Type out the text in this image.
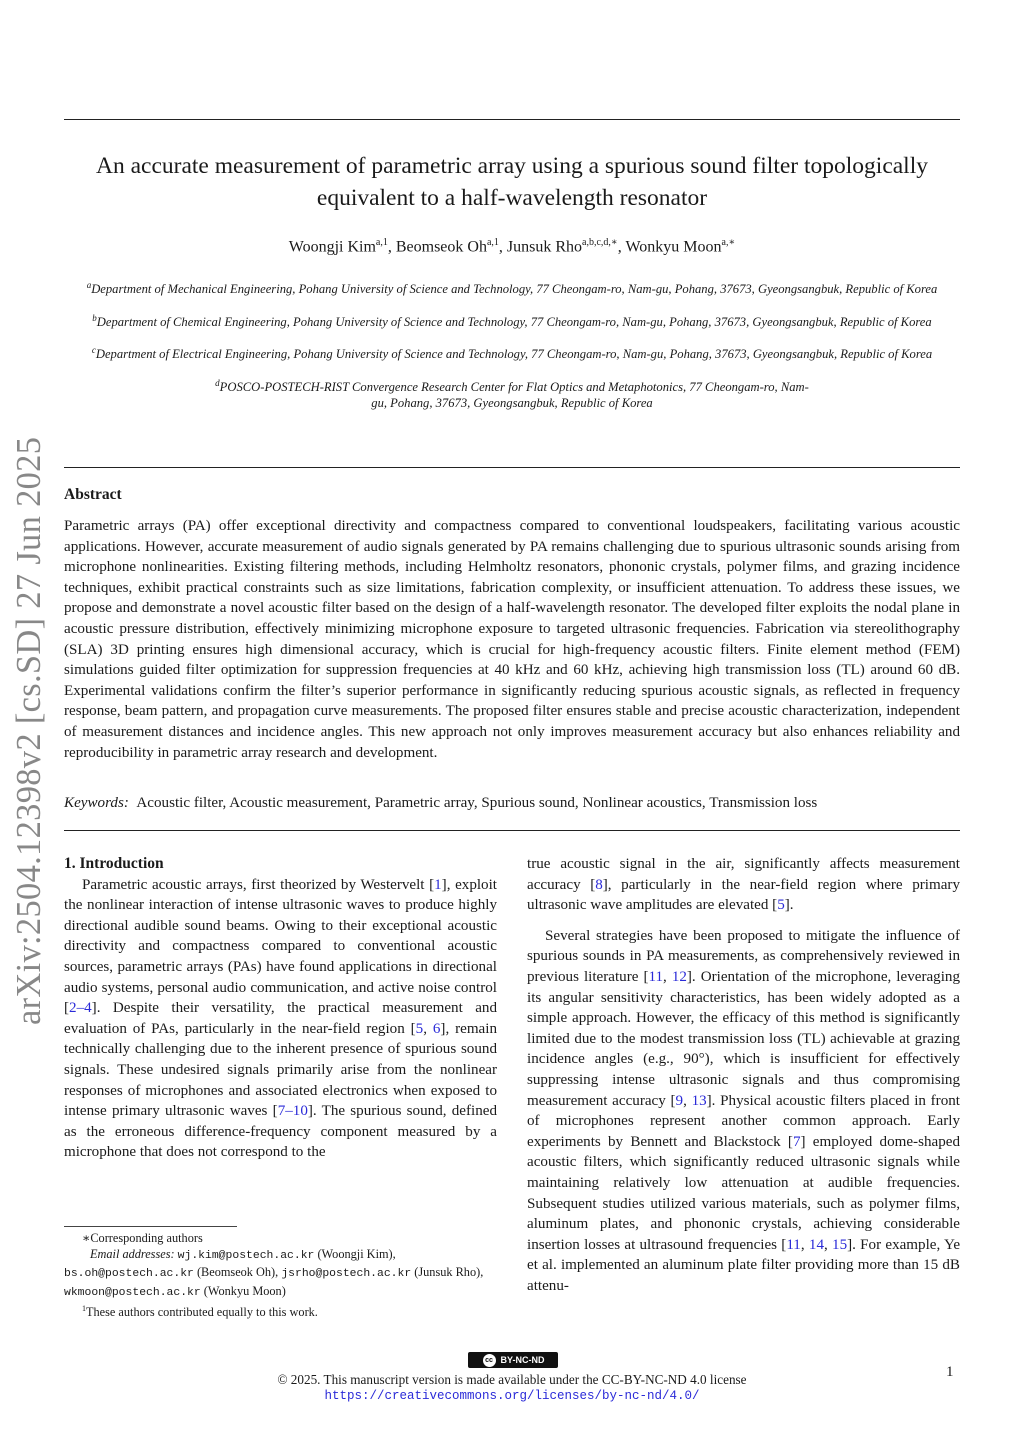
arXiv:2504.12398v2 [cs.SD] 27 Jun 2025
An accurate measurement of parametric array using a spurious sound filter topologically equivalent to a half-wavelength resonator
Woongji Kim$^{a,1}$, Beomseok Oh$^{a,1}$, Junsuk Rho$^{a,b,c,d,∗}$, Wonkyu Moon$^{a,∗}$
$^a$Department of Mechanical Engineering, Pohang University of Science and Technology, 77 Cheongam-ro, Nam-gu, Pohang, 37673, Gyeongsangbuk, Republic of Korea
$^b$Department of Chemical Engineering, Pohang University of Science and Technology, 77 Cheongam-ro, Nam-gu, Pohang, 37673, Gyeongsangbuk, Republic of Korea
$^c$Department of Electrical Engineering, Pohang University of Science and Technology, 77 Cheongam-ro, Nam-gu, Pohang, 37673, Gyeongsangbuk, Republic of Korea
$^d$POSCO-POSTECH-RIST Convergence Research Center for Flat Optics and Metaphotonics, 77 Cheongam-ro, Nam-gu, Pohang, 37673, Gyeongsangbuk, Republic of Korea
Abstract
Parametric arrays (PA) offer exceptional directivity and compactness compared to conventional loudspeakers, facilitating various acoustic applications. However, accurate measurement of audio signals generated by PA remains challenging due to spurious ultrasonic sounds arising from microphone nonlinearities. Existing filtering methods, including Helmholtz resonators, phononic crystals, polymer films, and grazing incidence techniques, exhibit practical constraints such as size limitations, fabrication complexity, or insufficient attenuation. To address these issues, we propose and demonstrate a novel acoustic filter based on the design of a half-wavelength resonator. The developed filter exploits the nodal plane in acoustic pressure distribution, effectively minimizing microphone exposure to targeted ultrasonic frequencies. Fabrication via stereolithography (SLA) 3D printing ensures high dimensional accuracy, which is crucial for high-frequency acoustic filters. Finite element method (FEM) simulations guided filter optimization for suppression frequencies at 40 kHz and 60 kHz, achieving high transmission loss (TL) around 60 dB. Experimental validations confirm the filter’s superior performance in significantly reducing spurious acoustic signals, as reflected in frequency response, beam pattern, and propagation curve measurements. The proposed filter ensures stable and precise acoustic characterization, independent of measurement distances and incidence angles. This new approach not only improves measurement accuracy but also enhances reliability and reproducibility in parametric array research and development.
Keywords: Acoustic filter, Acoustic measurement, Parametric array, Spurious sound, Nonlinear acoustics, Transmission loss

1. Introduction

Parametric acoustic arrays, first theorized by Westervelt [1], exploit the nonlinear interaction of intense ultrasonic waves to produce highly directional audible sound beams. Owing to their exceptional acoustic directivity and compactness compared to conventional acoustic sources, parametric arrays (PAs) have found applications in directional audio systems, personal audio communication, and active noise control [2–4]. Despite their versatility, the practical measurement and evaluation of PAs, particularly in the near-field region [5, 6], remain technically challenging due to the inherent presence of spurious sound signals. These undesired signals primarily arise from the nonlinear responses of microphones and associated electronics when exposed to intense primary ultrasonic waves [7–10]. The spurious sound, defined as the erroneous difference-frequency component measured by a microphone that does not correspond to the

true acoustic signal in the air, significantly affects measurement accuracy [8], particularly in the near-field region where primary ultrasonic wave amplitudes are elevated [5].

Several strategies have been proposed to mitigate the influence of spurious sounds in PA measurements, as comprehensively reviewed in previous literature [11, 12]. Orientation of the microphone, leveraging its angular sensitivity characteristics, has been widely adopted as a simple approach. However, the efficacy of this method is significantly limited due to the modest transmission loss (TL) achievable at grazing incidence angles (e.g., 90°), which is insufficient for effectively suppressing intense ultrasonic signals and thus compromising measurement accuracy [9, 13]. Physical acoustic filters placed in front of microphones represent another common approach. Early experiments by Bennett and Blackstock [7] employed dome-shaped acoustic filters, which significantly reduced ultrasonic signals while maintaining relatively low attenuation at audible frequencies. Subsequent studies utilized various materials, such as polymer films, aluminum plates, and phononic crystals, achieving considerable insertion losses at ultrasound frequencies [11, 14, 15]. For example, Ye et al. implemented an aluminum plate filter providing more than 15 dB attenu-

∗Corresponding authors
Email addresses: wj.kim@postech.ac.kr (Woongji Kim), bs.oh@postech.ac.kr (Beomseok Oh), jsrho@postech.ac.kr (Junsuk Rho), wkmoon@postech.ac.kr (Wonkyu Moon)
$^1$These authors contributed equally to this work.
cc BY-NC-ND
© 2025. This manuscript version is made available under the CC-BY-NC-ND 4.0 license
https://creativecommons.org/licenses/by-nc-nd/4.0/
1
